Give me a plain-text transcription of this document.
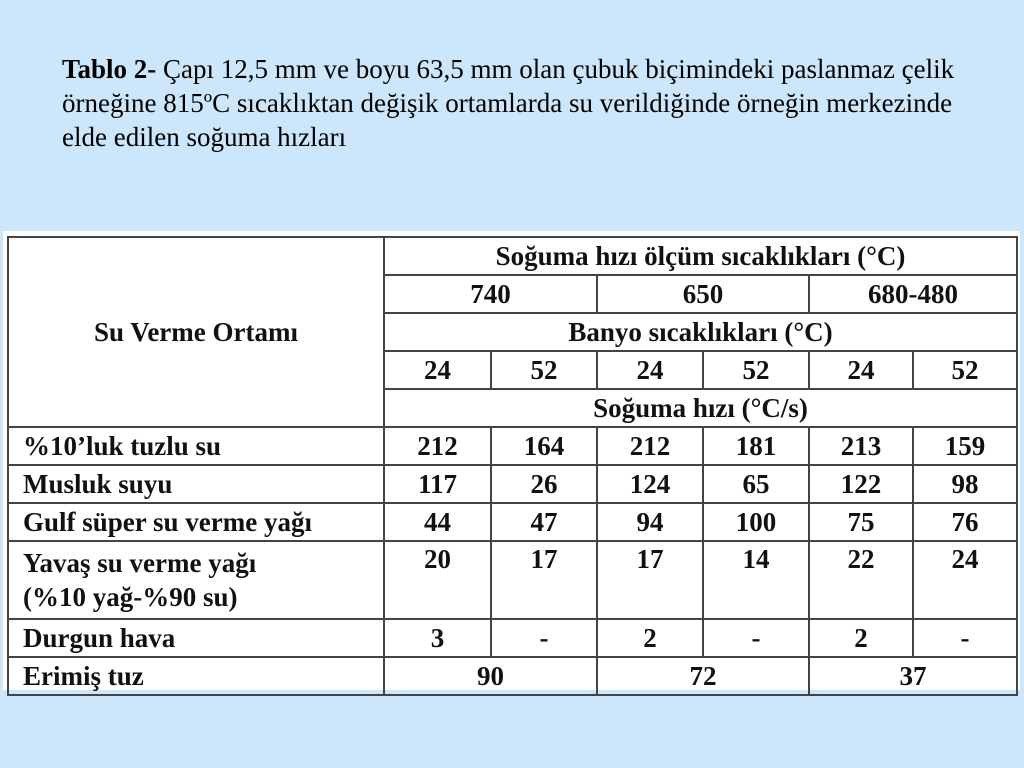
Tablo 2- Çapı 12,5 mm ve boyu 63,5 mm olan çubuk biçimindeki paslanmaz çelik örneğine 815ºC sıcaklıktan değişik ortamlarda su verildiğinde örneğin merkezinde elde edilen soğuma hızları
Su Verme Ortamı	Soğuma hızı ölçüm sıcaklıkları (°C)					
	740		650		680-480	
	Banyo sıcaklıkları (°C)					
	24	52	24	52	24	52
	Soğuma hızı (°C/s)					
%10’luk tuzlu su	212	164	212	181	213	159
Musluk suyu	117	26	124	65	122	98
Gulf süper su verme yağı	44	47	94	100	75	76
Yavaş su verme yağı
(%10 yağ-%90 su)	20	17	17	14	22	24
Durgun hava	3	-	2	-	2	-
Erimiş tuz	90		72		37	
